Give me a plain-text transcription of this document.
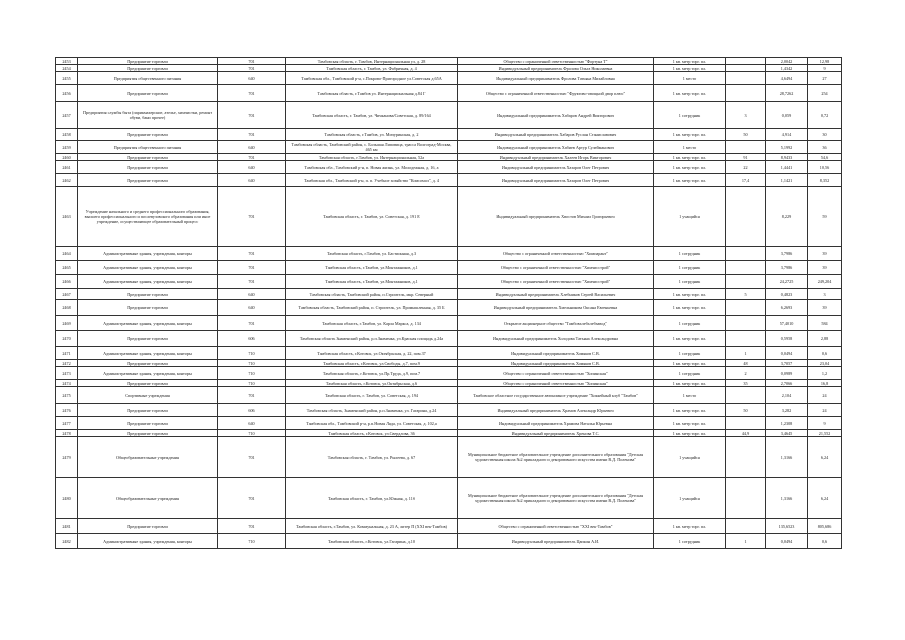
2453	Предприятие торговли	701	Тамбовская область, г. Тамбов, Интернациональная ул, д. 28	Общество с ограниченной ответственностью "Фортуна Т"	1 кв. метр торг. пл.		2,0042	12,98
2454	Предприятие торговли	701	Тамбовская область, г. Тамбов, ул. Фабричная, д. 4	Индивидуальный предприниматель Фролова Ольга Николаевна	1 кв. метр торг. пл.		1,4342	9
2455	Предприятия общественного питания	640	Тамбовская обл., Тамбовский р-н, с.Покрово-Пригородное ул.Советская д.65А	Индивидуальный предприниматель Фролова Татьяна Михайловна	1 место		4,6494	27
2456	Предприятие торговли	701	Тамбовская область, г.Тамбов ул. Интернациональная д.84 Г	Общество с ограниченной ответственностью "Фруктово-овощной двор плюс"	1 кв. метр торг. пл.		28,7262	254
2457	Предприятия службы быта (парикмахерские, ателье, химчистки, ремонт обуви, бани прочее)	701	Тамбовская область, г. Тамбов, ул. Чичканова/Советская, д. 89/164	Индивидуальный предприниматель Хабаров Андрей Викторович	1 сотрудник	3	0,059	0,72
2458	Предприятие торговли	701	Тамбовская область, г.Тамбов, ул. Мичуринская, д. 2	Индивидуальный предприниматель Хабаров Руслан Станиславович	1 кв. метр торг. пл.	50	4,914	30
2459	Предприятия общественного питания	640	Тамбовская область, Тамбовский район, с. Большая Липовица, трасса Волгоград-Москва, 465 км	Индивидуальный предприниматель Хабиев Артур Сулейманович	1 место		5,1992	36
2460	Предприятие торговли	701	Тамбовская область, г.Тамбов, ул. Интернациональная, 52а	Индивидуальный предприниматель Халеев Игорь Викторович	1 кв. метр торг. пл.	91	8,9433	54,6
2461	Предприятие торговли	640	Тамбовская обл., Тамбовский р-н, п. Новая жизнь, ул. Молодежная, д. 16, а	Индивидуальный предприниматель Хазаров Олег Петрович	1 кв. метр торг. пл.	22	1,4441	10,56
2462	Предприятие торговли	640	Тамбовская обл., Тамбовский р-н, п. п. Учебное хозяйство "Комсомол", д. 4	Индивидуальный предприниматель Хазаров Олег Петрович	1 кв. метр торг. пл.	17,4	1,1421	8,352
2463	Учреждение начального и среднего профессионального образования, высшего профессионального и послевузовского образования или иное учреждение, осуществляющее образовательный процесс	701	Тамбовская область, г. Тамбов, ул. Советская, д. 191 Е	Индивидуальный предприниматель Хвостов Михаил Григорьевич	1 учащийся		8,229	59
2464	Административные здания, учреждения, конторы	701	Тамбовская область, г.Тамбов, ул. Бастионная, д.3	Общество с ограниченной ответственностью "Химпарант"	1 сотрудник		3,7986	39
2465	Административные здания, учреждения, конторы	701	Тамбовская область, г.Тамбов, ул.Монтажников, д.1	Общество с ограниченной ответственностью "Химчисстрой"	1 сотрудник		3,7986	39
2466	Административные здания, учреждения, конторы	701	Тамбовская область, г.Тамбов, ул.Монтажников, д.1	Общество с ограниченной ответственностью "Химчисстрой"	1 сотрудник		24,2725	249,204
2467	Предприятие торговли	640	Тамбовская область, Тамбовский район, п.Строитель, мкр. Северный	Индивидуальный предприниматель Хлебников Сергей Васильевич	1 кв. метр торг. пл.	5	0,4823	3
2468	Предприятие торговли	640	Тамбовская область, Тамбовский район, п. Строитель, ул. Промышленная, д. 35 Б	Индивидуальный предприниматель Хмельникова Оксана Евгеньевна	1 кв. метр торг. пл.		6,2693	39
2469	Административные здания, учреждения, конторы	701	Тамбовская область, г.Тамбов, ул. Карла Маркса, д. 134	Открытое акционерное общество "Тамбовхлебхлебзавод"	1 сотрудник		57,4010	584
2470	Предприятие торговли	606	Тамбовская область Знаменский район, р.п.Знаменка, ул.Красная площадь д.24а	Индивидуальный предприниматель Холодова Татьяна Александровна	1 кв. метр торг. пл.		0,5958	2,88
2471	Административные здания, учреждения, конторы	710	Тамбовская область, г.Котовск, ул.Октябрьская, д. 22, пом.37	Индивидуальный предприниматель Хомяков С.В.	1 сотрудник	1	0,0494	0,6
2472	Предприятие торговли	710	Тамбовская область, г.Котовск, ул.Свободы, д.7, пом.9	Индивидуальный предприниматель Хомяков С.В.	1 кв. метр торг. пл.	48	3,7057	23,04
2473	Административные здания, учреждения, конторы	710	Тамбовская область, г.Котовск, ул.Пр.Труда, д.9, пом.7	Общество с ограниченной ответственностью "Хопинская"	1 сотрудник	2	0,0989	1,2
2474	Предприятие торговли	710	Тамбовская область, г.Котовск, ул.Октябрьская, д.6	Общество с ограниченной ответственностью "Хопинская"	1 кв. метр торг. пл.	35	2,7066	16,8
2475	Спортивные учреждения	701	Тамбовская область, г. Тамбов, ул. Советская, д. 194	Тамбовское областное государственное автономное учреждение "Хоккейный клуб "Тамбов"	1 место		2,104	24
2476	Предприятие торговли	606	Тамбовская область, Знаменский район, р.п.Знаменка, ул. Гагарина, д.24	Индивидуальный предприниматель Храмов Александр Юрьевич	1 кв. метр торг. пл.	50	3,282	24
2477	Предприятие торговли	640	Тамбовская обл., Тамбовский р-н, р.п.Новая Ляда, ул. Советская, д. 102,а	Индивидуальный предприниматель Храмова Наталья Юрьевна	1 кв. метр торг. пл.		1,2308	9
2478	Предприятие торговли	710	Тамбовская область, г.Котовск, ул.Свердлова, 36	Индивидуальный предприниматель Хренова Т.С.	1 кв. метр торг. пл.	44,9	3,4645	21,552
2479	Общеобразовательные учреждения	701	Тамбовская область, г. Тамбов, ул. Рылеева, д. 67	Муниципальное бюджетное образовательное учреждение дополнительного образования "Детская художественная школа №2 прикладного и декоративного искусства имени В.Д. Поленова"	1 учащийся		1,3166	6,24
2480	Общеобразовательные учреждения	701	Тамбовская область, г. Тамбов, ул.Южная, д. 11б	Муниципальное бюджетное образовательное учреждение дополнительного образования "Детская художественная школа №2 прикладного и декоративного искусства имени В.Д. Поленова"	1 учащийся		1,3166	6,24
2481	Предприятие торговли	701	Тамбовская область, г.Тамбов, ул. Коммунальная, д. 23 А, литер П (ХХI век-Тамбов)	Общество с ограниченной ответственностью "XXI век-Тамбов"	1 кв. метр торг. пл.		135,6523	805,686
2482	Административные здания, учреждения, конторы	710	Тамбовская область, г.Котовск, ул.Гагарина, д.10	Индивидуальный предприниматель Цапкин А.И.	1 сотрудник	1	0,0494	0,6
